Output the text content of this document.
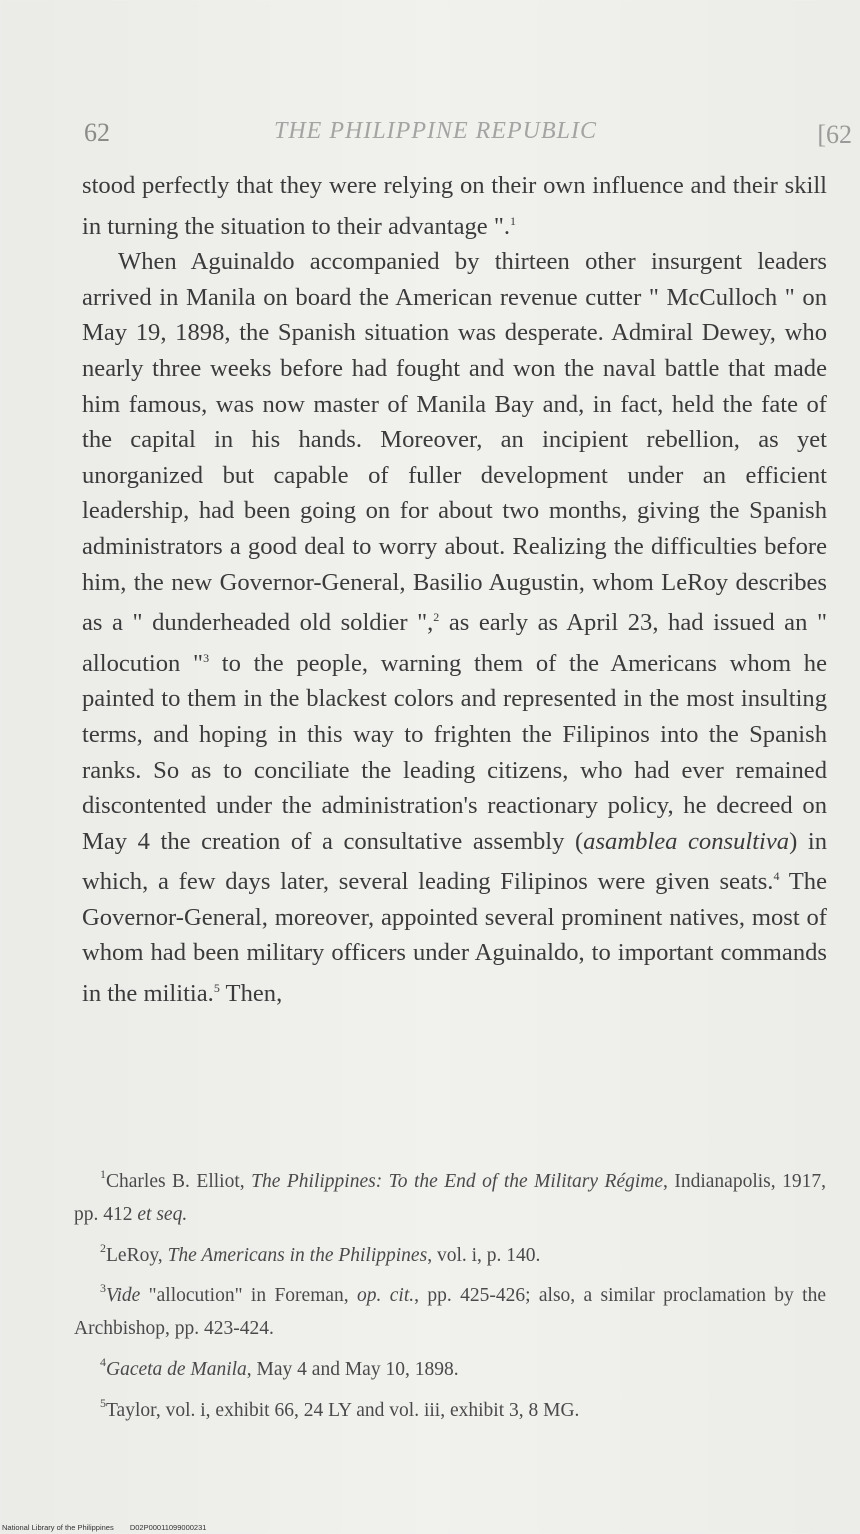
62	THE PHILIPPINE REPUBLIC	[62

stood perfectly that they were relying on their own influence and their skill in turning the situation to their advantage ".$^1$

When Aguinaldo accompanied by thirteen other insurgent leaders arrived in Manila on board the American revenue cutter " McCulloch " on May 19, 1898, the Spanish situation was desperate. Admiral Dewey, who nearly three weeks before had fought and won the naval battle that made him famous, was now master of Manila Bay and, in fact, held the fate of the capital in his hands. Moreover, an incipient rebellion, as yet unorganized but capable of fuller development under an efficient leadership, had been going on for about two months, giving the Spanish administrators a good deal to worry about. Realizing the difficulties before him, the new Governor-General, Basilio Augustin, whom LeRoy describes as a " dunderheaded old soldier ",$^2$ as early as April 23, had issued an " allocution "$^3$ to the people, warning them of the Americans whom he painted to them in the blackest colors and represented in the most insulting terms, and hoping in this way to frighten the Filipinos into the Spanish ranks. So as to conciliate the leading citizens, who had ever remained discontented under the administration's reactionary policy, he decreed on May 4 the creation of a consultative assembly (asamblea consultiva) in which, a few days later, several leading Filipinos were given seats.$^4$ The Governor-General, moreover, appointed several prominent natives, most of whom had been military officers under Aguinaldo, to important commands in the militia.$^5$ Then,

$^1$Charles B. Elliot, The Philippines: To the End of the Military Régime, Indianapolis, 1917, pp. 412 et seq.

$^2$LeRoy, The Americans in the Philippines, vol. i, p. 140.

$^3$Vide "allocution" in Foreman, op. cit., pp. 425-426; also, a similar proclamation by the Archbishop, pp. 423-424.

$^4$Gaceta de Manila, May 4 and May 10, 1898.

$^5$Taylor, vol. i, exhibit 66, 24 LY and vol. iii, exhibit 3, 8 MG.

National Library of the Philippines D02P00011099000231
